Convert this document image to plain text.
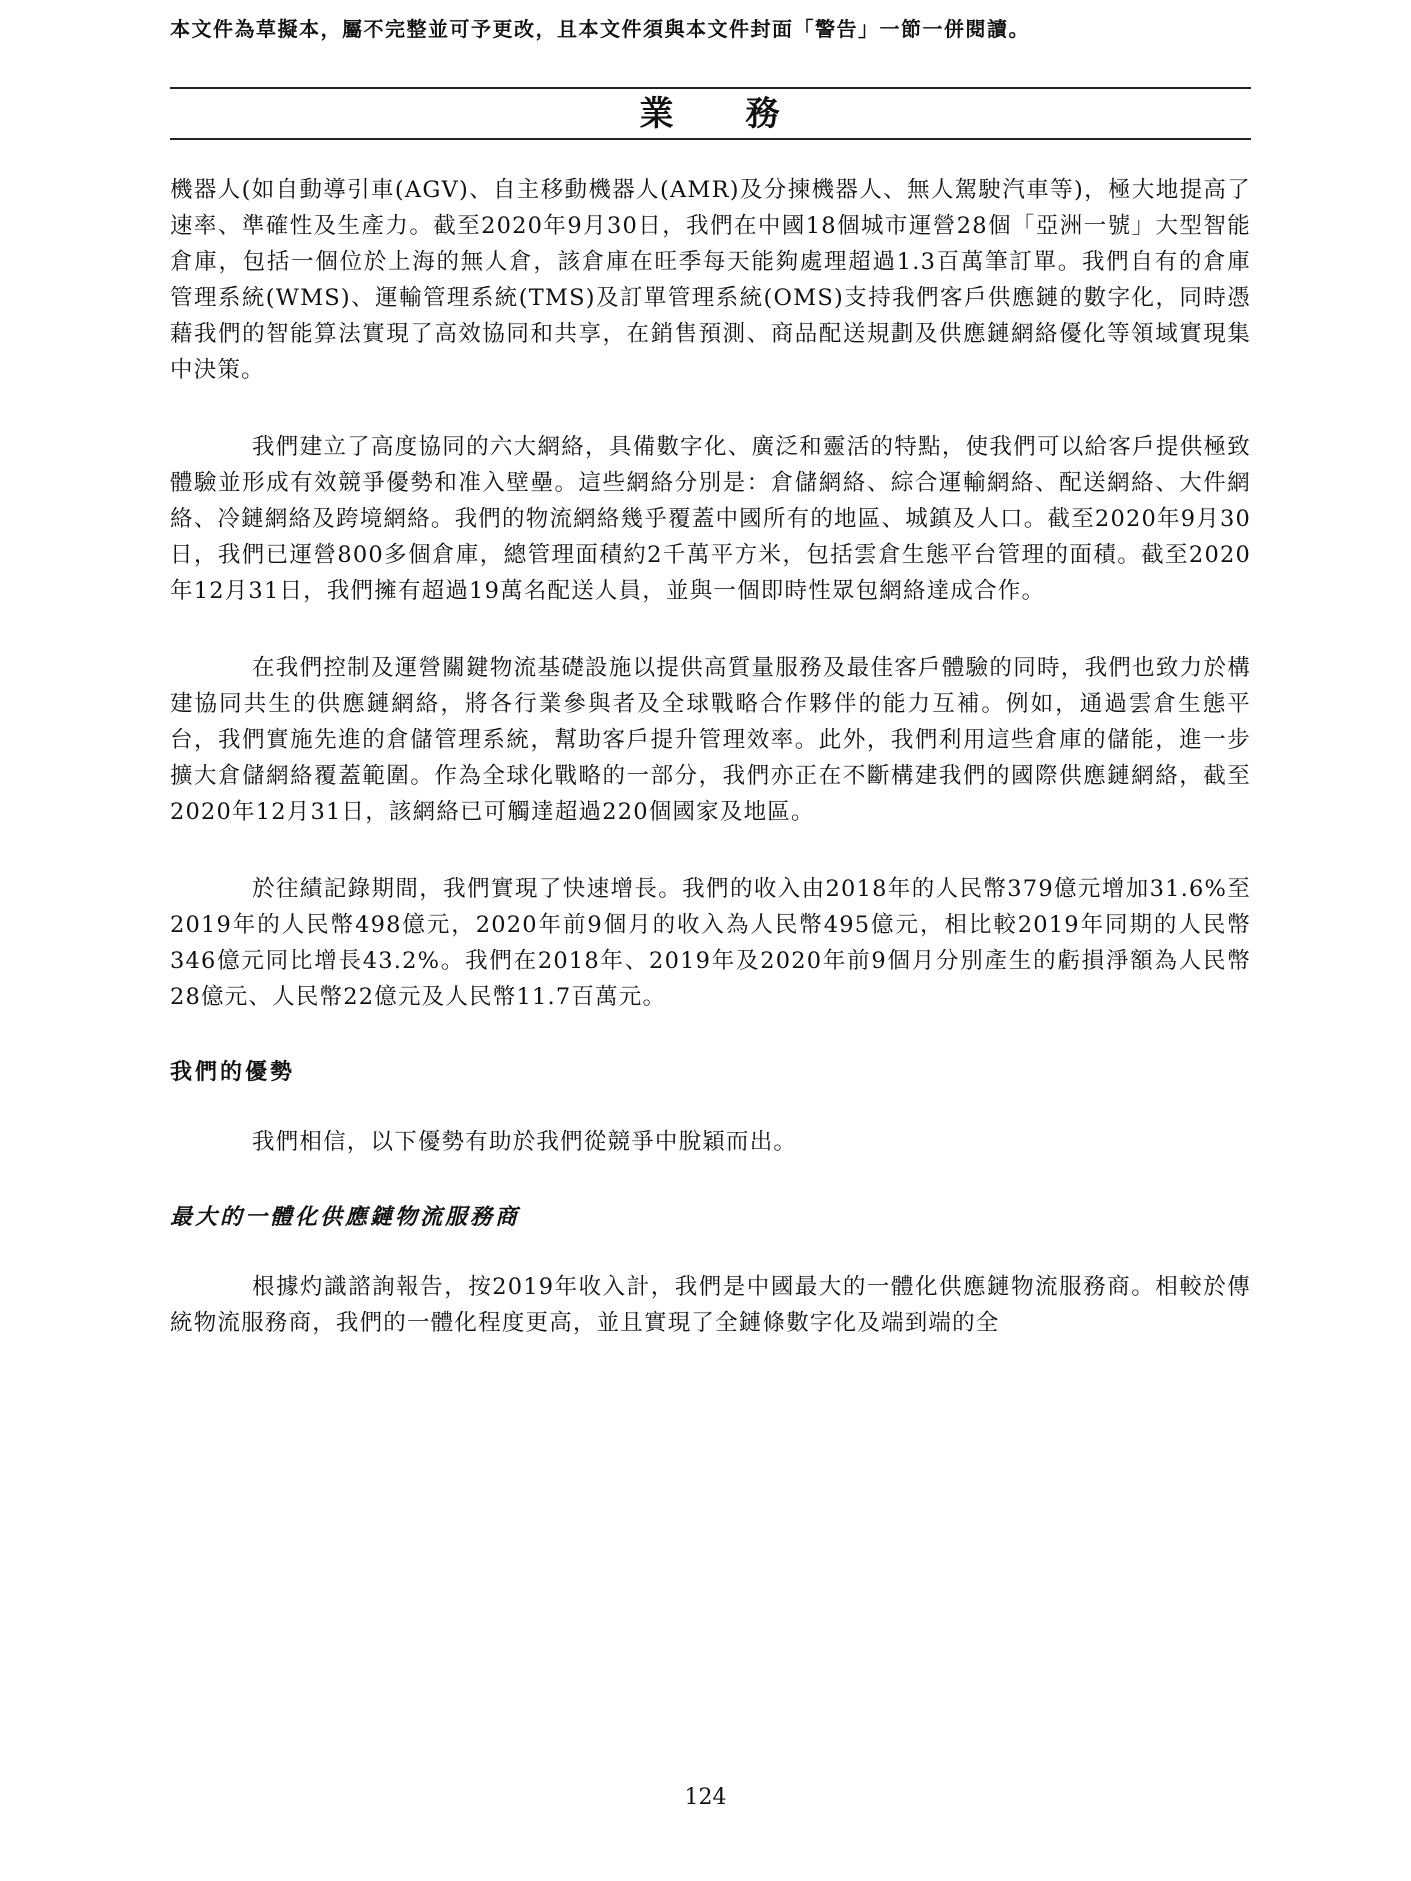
本文件為草擬本，屬不完整並可予更改，且本文件須與本文件封面「警告」一節一併閱讀。
業 務

機器人(如自動導引車(AGV)、自主移動機器人(AMR)及分揀機器人、無人駕駛汽車等)，極大地提高了速率、準確性及生產力。截至2020年9月30日，我們在中國18個城市運營28個「亞洲一號」大型智能倉庫，包括一個位於上海的無人倉，該倉庫在旺季每天能夠處理超過1.3百萬筆訂單。我們自有的倉庫管理系統(WMS)、運輸管理系統(TMS)及訂單管理系統(OMS)支持我們客戶供應鏈的數字化，同時憑藉我們的智能算法實現了高效協同和共享，在銷售預測、商品配送規劃及供應鏈網絡優化等領域實現集中決策。

我們建立了高度協同的六大網絡，具備數字化、廣泛和靈活的特點，使我們可以給客戶提供極致體驗並形成有效競爭優勢和准入壁壘。這些網絡分別是：倉儲網絡、綜合運輸網絡、配送網絡、大件網絡、冷鏈網絡及跨境網絡。我們的物流網絡幾乎覆蓋中國所有的地區、城鎮及人口。截至2020年9月30日，我們已運營800多個倉庫，總管理面積約2千萬平方米，包括雲倉生態平台管理的面積。截至2020年12月31日，我們擁有超過19萬名配送人員，並與一個即時性眾包網絡達成合作。

在我們控制及運營關鍵物流基礎設施以提供高質量服務及最佳客戶體驗的同時，我們也致力於構建協同共生的供應鏈網絡，將各行業參與者及全球戰略合作夥伴的能力互補。例如，通過雲倉生態平台，我們實施先進的倉儲管理系統，幫助客戶提升管理效率。此外，我們利用這些倉庫的儲能，進一步擴大倉儲網絡覆蓋範圍。作為全球化戰略的一部分，我們亦正在不斷構建我們的國際供應鏈網絡，截至2020年12月31日，該網絡已可觸達超過220個國家及地區。

於往績記錄期間，我們實現了快速增長。我們的收入由2018年的人民幣379億元增加31.6%至2019年的人民幣498億元，2020年前9個月的收入為人民幣495億元，相比較2019年同期的人民幣346億元同比增長43.2%。我們在2018年、2019年及2020年前9個月分別產生的虧損淨額為人民幣28億元、人民幣22億元及人民幣11.7百萬元。

我們的優勢

我們相信，以下優勢有助於我們從競爭中脫穎而出。

最大的一體化供應鏈物流服務商

根據灼識諮詢報告，按2019年收入計，我們是中國最大的一體化供應鏈物流服務商。相較於傳統物流服務商，我們的一體化程度更高，並且實現了全鏈條數字化及端到端的全

124
